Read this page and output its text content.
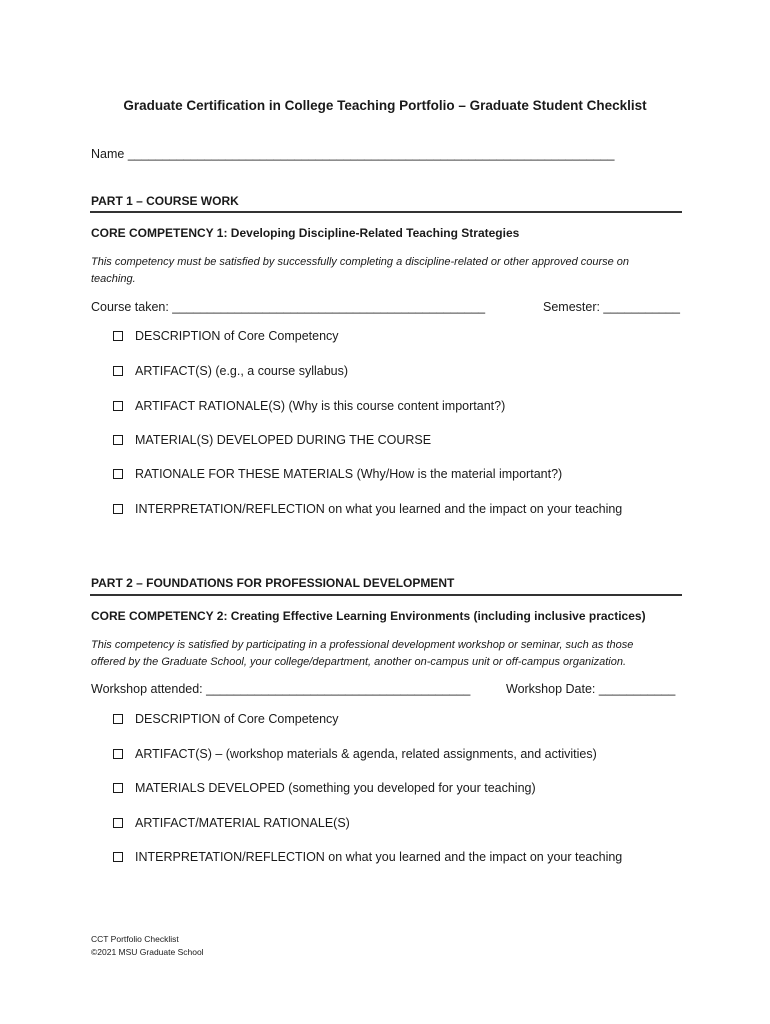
Graduate Certification in College Teaching Portfolio – Graduate Student Checklist
Name ______________________________________________________________________
PART 1 – COURSE WORK
CORE COMPETENCY 1: Developing Discipline-Related Teaching Strategies
This competency must be satisfied by successfully completing a discipline-related or other approved course on
teaching.
Course taken: _____________________________________________	Semester: ___________
DESCRIPTION of Core Competency
ARTIFACT(S) (e.g., a course syllabus)
ARTIFACT RATIONALE(S) (Why is this course content important?)
MATERIAL(S) DEVELOPED DURING THE COURSE
RATIONALE FOR THESE MATERIALS (Why/How is the material important?)
INTERPRETATION/REFLECTION on what you learned and the impact on your teaching
PART 2 – FOUNDATIONS FOR PROFESSIONAL DEVELOPMENT
CORE COMPETENCY 2: Creating Effective Learning Environments (including inclusive practices)
This competency is satisfied by participating in a professional development workshop or seminar, such as those
offered by the Graduate School, your college/department, another on-campus unit or off-campus organization.
Workshop attended: ______________________________________	Workshop Date: ___________
DESCRIPTION of Core Competency
ARTIFACT(S) – (workshop materials & agenda, related assignments, and activities)
MATERIALS DEVELOPED (something you developed for your teaching)
ARTIFACT/MATERIAL RATIONALE(S)
INTERPRETATION/REFLECTION on what you learned and the impact on your teaching
CCT Portfolio Checklist
©2021 MSU Graduate School
